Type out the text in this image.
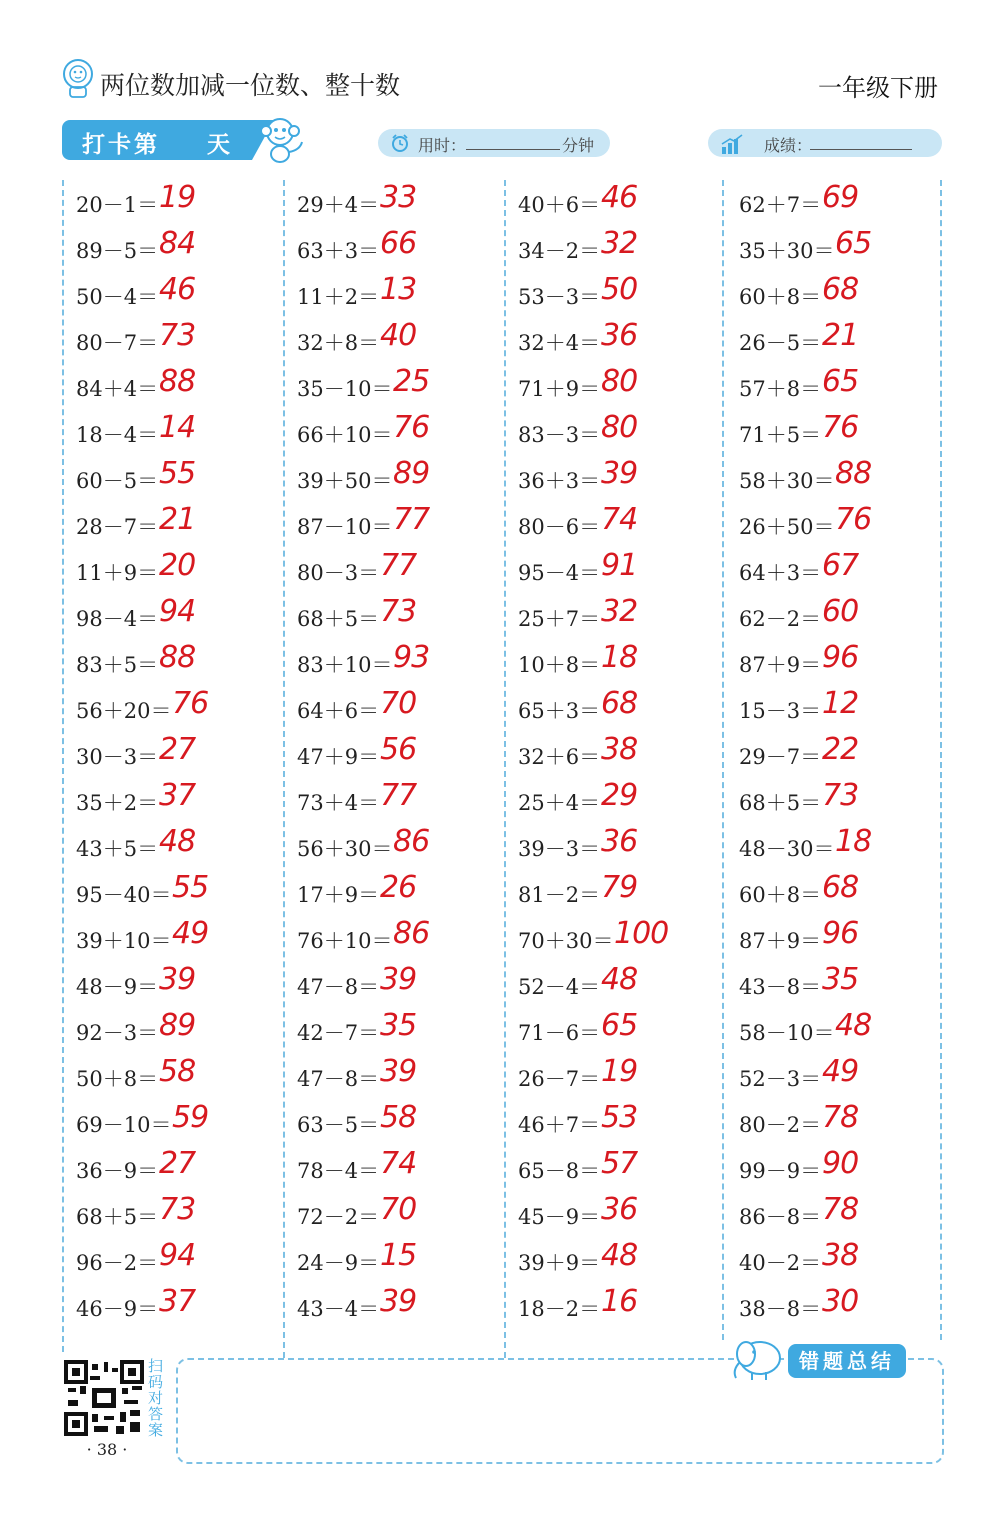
两位数加减一位数、整十数	一年级下册
打卡第 天	用时：	分钟	成绩：
20－1＝ 19
89－5＝ 84
50－4＝ 46
80－7＝ 73
84＋4＝ 88
18－4＝ 14
60－5＝ 55
28－7＝ 21
11＋9＝ 20
98－4＝ 94
83＋5＝ 88
56＋20＝ 76
30－3＝ 27
35＋2＝ 37
43＋5＝ 48
95－40＝ 55
39＋10＝ 49
48－9＝ 39
92－3＝ 89
50＋8＝ 58
69－10＝ 59
36－9＝ 27
68＋5＝ 73
96－2＝ 94
46－9＝ 37
29＋4＝ 33
63＋3＝ 66
11＋2＝ 13
32＋8＝ 40
35－10＝ 25
66＋10＝ 76
39＋50＝ 89
87－10＝ 77
80－3＝ 77
68＋5＝ 73
83＋10＝ 93
64＋6＝ 70
47＋9＝ 56
73＋4＝ 77
56＋30＝ 86
17＋9＝ 26
76＋10＝ 86
47－8＝ 39
42－7＝ 35
47－8＝ 39
63－5＝ 58
78－4＝ 74
72－2＝ 70
24－9＝ 15
43－4＝ 39
40＋6＝ 46
34－2＝ 32
53－3＝ 50
32＋4＝ 36
71＋9＝ 80
83－3＝ 80
36＋3＝ 39
80－6＝ 74
95－4＝ 91
25＋7＝ 32
10＋8＝ 18
65＋3＝ 68
32＋6＝ 38
25＋4＝ 29
39－3＝ 36
81－2＝ 79
70＋30＝ 100
52－4＝ 48
71－6＝ 65
26－7＝ 19
46＋7＝ 53
65－8＝ 57
45－9＝ 36
39＋9＝ 48
18－2＝ 16
62＋7＝ 69
35＋30＝ 65
60＋8＝ 68
26－5＝ 21
57＋8＝ 65
71＋5＝ 76
58＋30＝ 88
26＋50＝ 76
64＋3＝ 67
62－2＝ 60
87＋9＝ 96
15－3＝ 12
29－7＝ 22
68＋5＝ 73
48－30＝ 18
60＋8＝ 68
87＋9＝ 96
43－8＝ 35
58－10＝ 48
52－3＝ 49
80－2＝ 78
99－9＝ 90
86－8＝ 78
40－2＝ 38
38－8＝ 30
错题总结
扫码对答案
· 38 ·
